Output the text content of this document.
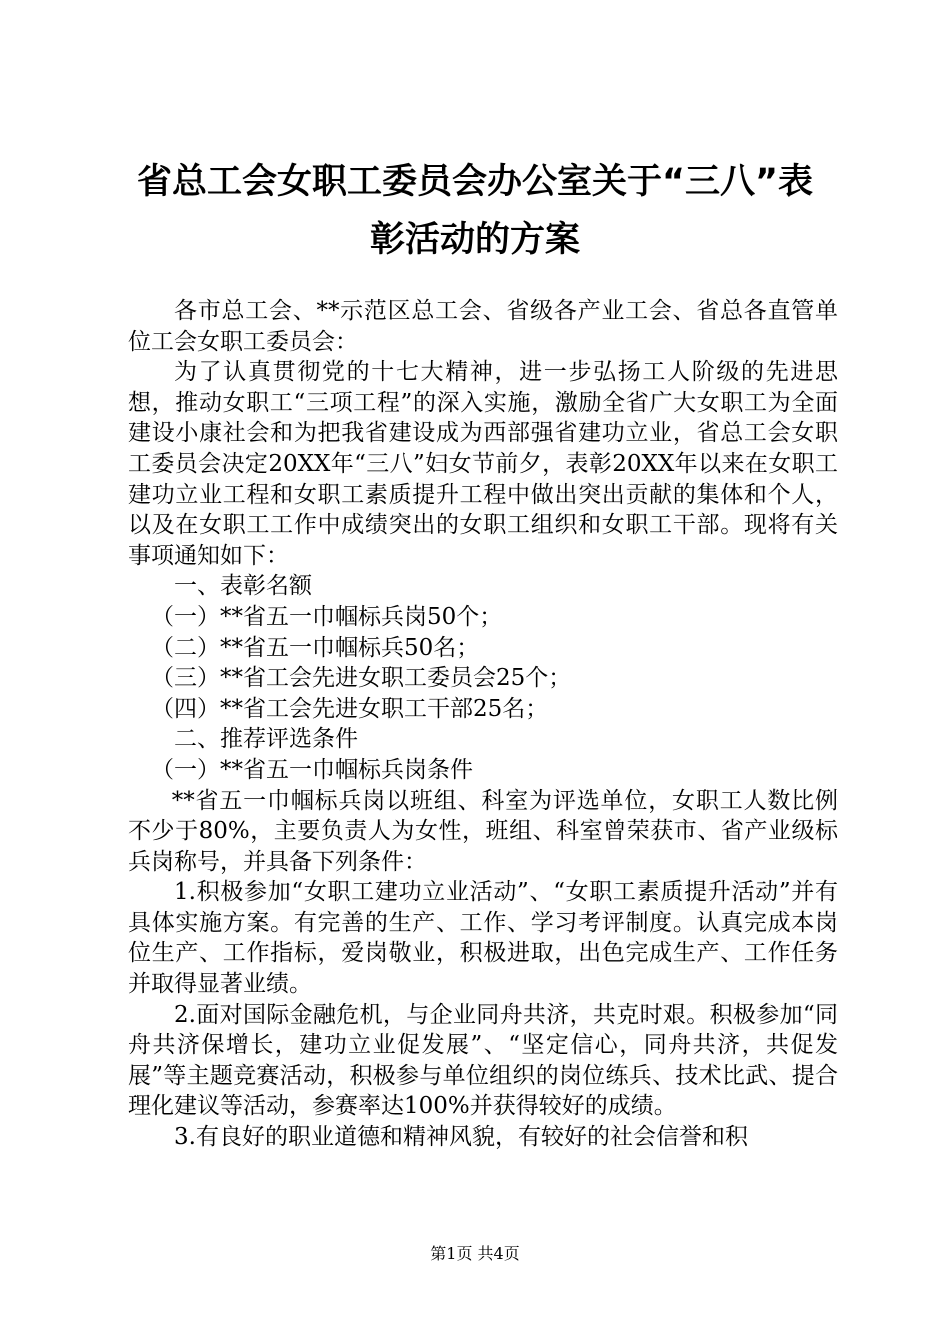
省总工会女职工委员会办公室关于“三八”表
彰活动的方案

各市总工会、**示范区总工会、省级各产业工会、省总各直管单位工会女职工委员会：

为了认真贯彻党的十七大精神，进一步弘扬工人阶级的先进思想，推动女职工“三项工程”的深入实施，激励全省广大女职工为全面建设小康社会和为把我省建设成为西部强省建功立业，省总工会女职工委员会决定20XX年“三八”妇女节前夕，表彰20XX年以来在女职工建功立业工程和女职工素质提升工程中做出突出贡献的集体和个人，以及在女职工工作中成绩突出的女职工组织和女职工干部。现将有关事项通知如下：

一、表彰名额

（一）**省五一巾帼标兵岗50个；

（二）**省五一巾帼标兵50名；

（三）**省工会先进女职工委员会25个；

（四）**省工会先进女职工干部25名；

二、推荐评选条件

（一）**省五一巾帼标兵岗条件

**省五一巾帼标兵岗以班组、科室为评选单位，女职工人数比例不少于80%，主要负责人为女性，班组、科室曾荣获市、省产业级标兵岗称号，并具备下列条件：

1.积极参加“女职工建功立业活动”、“女职工素质提升活动”并有具体实施方案。有完善的生产、工作、学习考评制度。认真完成本岗位生产、工作指标，爱岗敬业，积极进取，出色完成生产、工作任务并取得显著业绩。

2.面对国际金融危机，与企业同舟共济，共克时艰。积极参加“同舟共济保增长，建功立业促发展”、“坚定信心，同舟共济，共促发展”等主题竞赛活动，积极参与单位组织的岗位练兵、技术比武、提合理化建议等活动，参赛率达100%并获得较好的成绩。

3.有良好的职业道德和精神风貌，有较好的社会信誉和积

第1页 共4页
